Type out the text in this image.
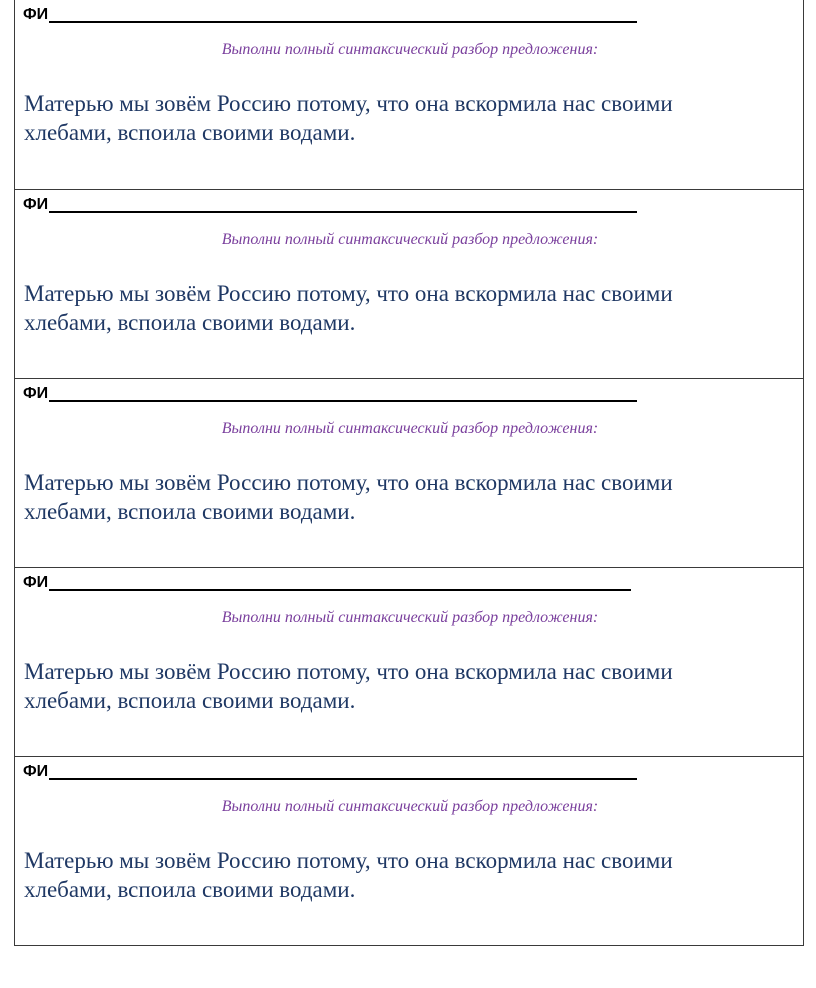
ФИ
Выполни полный синтаксический разбор предложения:
Матерью мы зовём Россию потому, что она вскормила нас своими
хлебами, вспоила своими водами.
ФИ
Выполни полный синтаксический разбор предложения:
Матерью мы зовём Россию потому, что она вскормила нас своими
хлебами, вспоила своими водами.
ФИ
Выполни полный синтаксический разбор предложения:
Матерью мы зовём Россию потому, что она вскормила нас своими
хлебами, вспоила своими водами.
ФИ
Выполни полный синтаксический разбор предложения:
Матерью мы зовём Россию потому, что она вскормила нас своими
хлебами, вспоила своими водами.
ФИ
Выполни полный синтаксический разбор предложения:
Матерью мы зовём Россию потому, что она вскормила нас своими
хлебами, вспоила своими водами.
